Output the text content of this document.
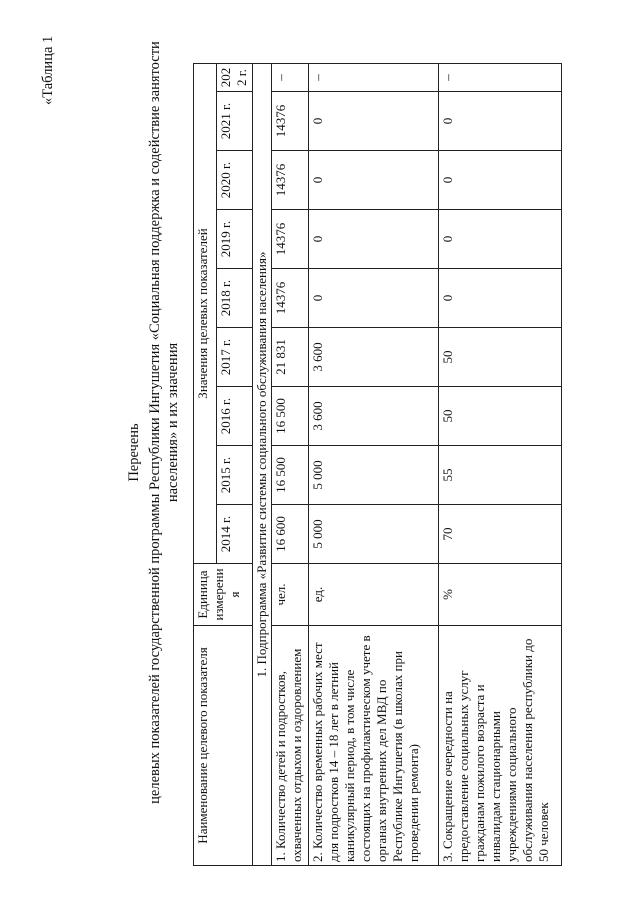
«Таблица 1
Перечень целевых показателей государственной программы Республики Ингушетия «Социальная поддержка и содействие занятости населения» и их значения
Наименование целевого показателя	Единица измерени я	Значения целевых показателей								
		2014 г.	2015 г.	2016 г.	2017 г.	2018 г.	2019 г.	2020 г.	2021 г.	202 2 г.
1. Подпрограмма «Развитие системы социального обслуживания населения»										
1. Количество детей и подростков, охваченных отдыхом и оздоровлением	чел.	16 600	16 500	16 500	21 831	14376	14376	14376	14376	–
2. Количество временных рабочих мест для подростков 14 – 18 лет в летний каникулярный период, в том числе состоящих на профилактическом учете в органах внутренних дел МВД по Республике Ингушетия (в школах при проведении ремонта)	ед.	5 000	5 000	3 600	3 600	0	0	0	0	–
3. Сокращение очередности на предоставление социальных услуг гражданам пожилого возраста и инвалидам стационарными учреждениями социального обслуживания населения республики до 50 человек	%	70	55	50	50	0	0	0	0	–
